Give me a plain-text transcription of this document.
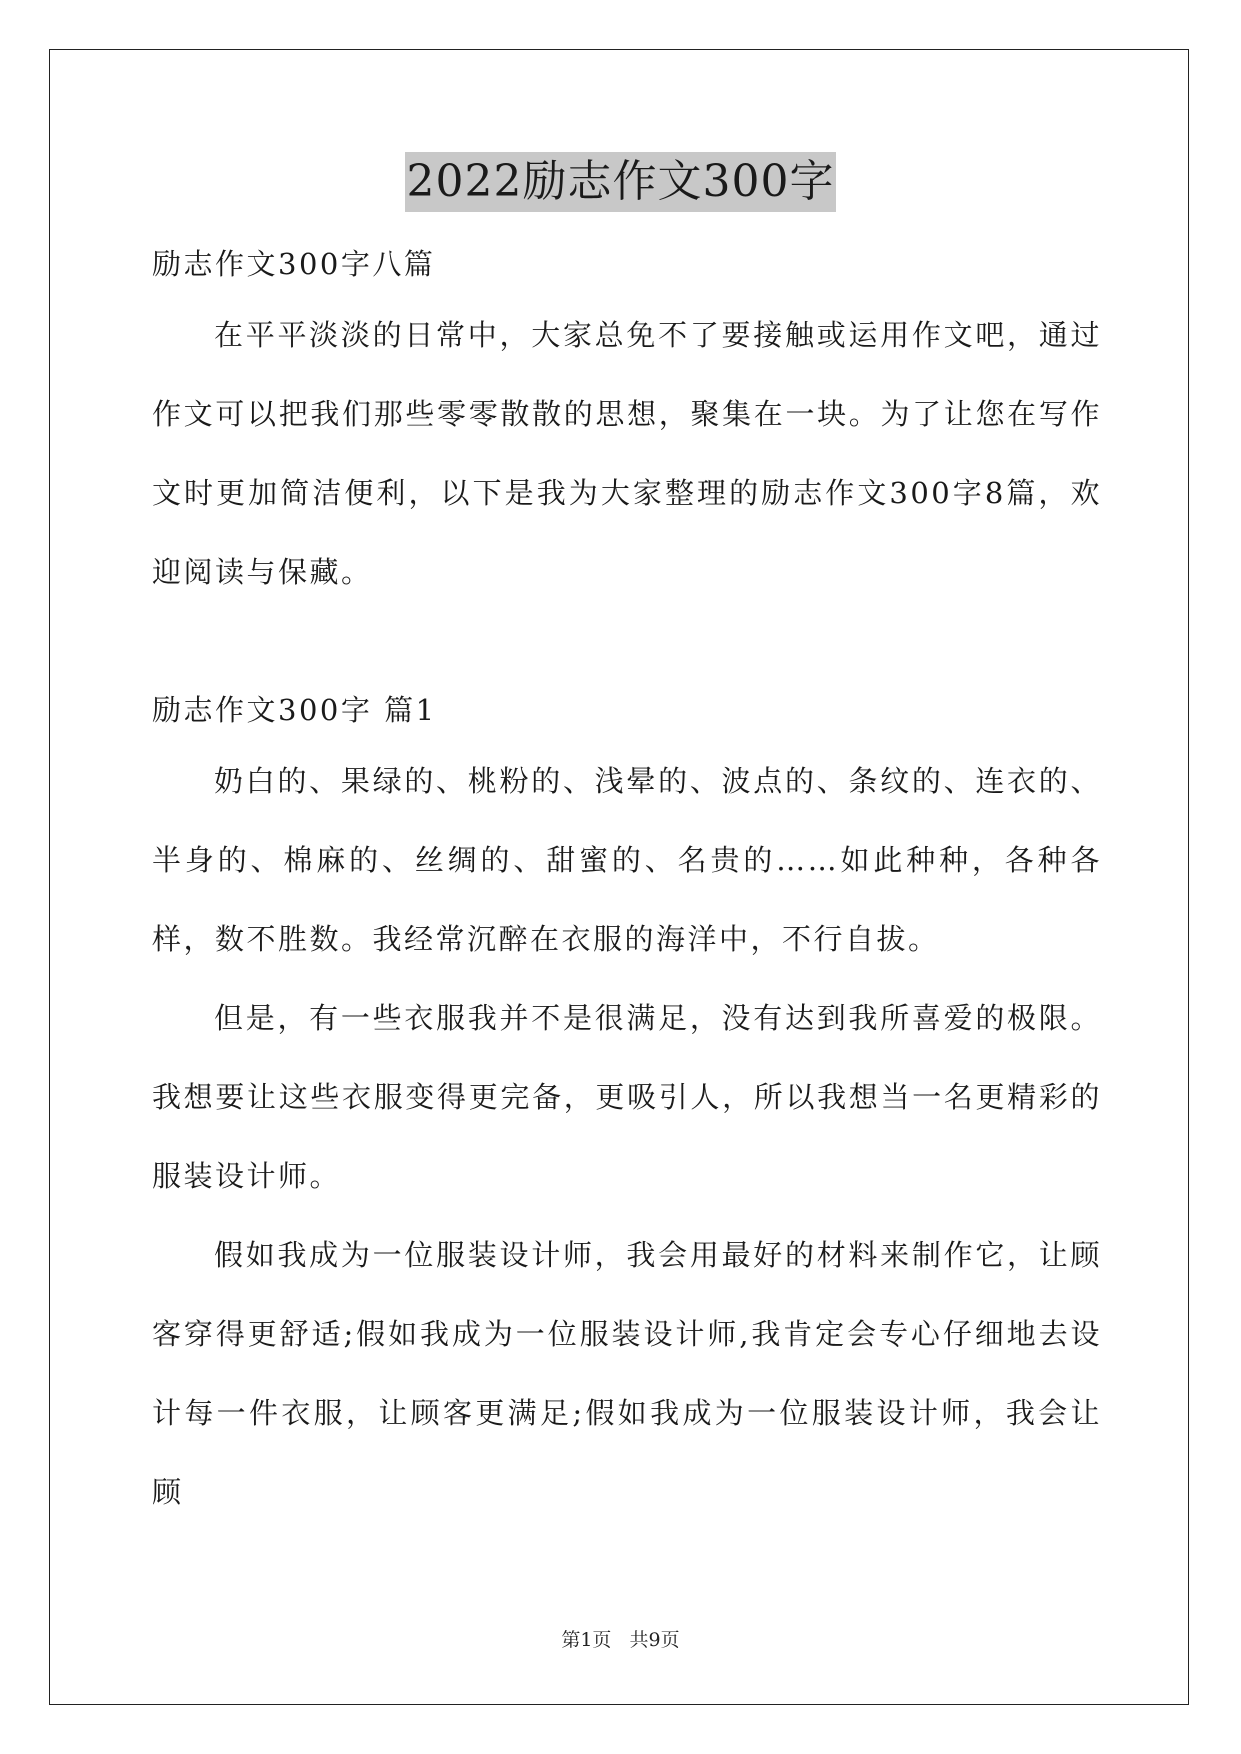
2022励志作文300字
励志作文300字八篇

在平平淡淡的日常中，大家总免不了要接触或运用作文吧，通过作文可以把我们那些零零散散的思想，聚集在一块。为了让您在写作文时更加简洁便利，以下是我为大家整理的励志作文300字8篇，欢迎阅读与保藏。

励志作文300字 篇1

奶白的、果绿的、桃粉的、浅晕的、波点的、条纹的、连衣的、半身的、棉麻的、丝绸的、甜蜜的、名贵的……如此种种，各种各样，数不胜数。我经常沉醉在衣服的海洋中，不行自拔。

但是，有一些衣服我并不是很满足，没有达到我所喜爱的极限。我想要让这些衣服变得更完备，更吸引人，所以我想当一名更精彩的服装设计师。

假如我成为一位服装设计师，我会用最好的材料来制作它，让顾客穿得更舒适;假如我成为一位服装设计师,我肯定会专心仔细地去设计每一件衣服，让顾客更满足;假如我成为一位服装设计师，我会让顾

第1页   共9页
